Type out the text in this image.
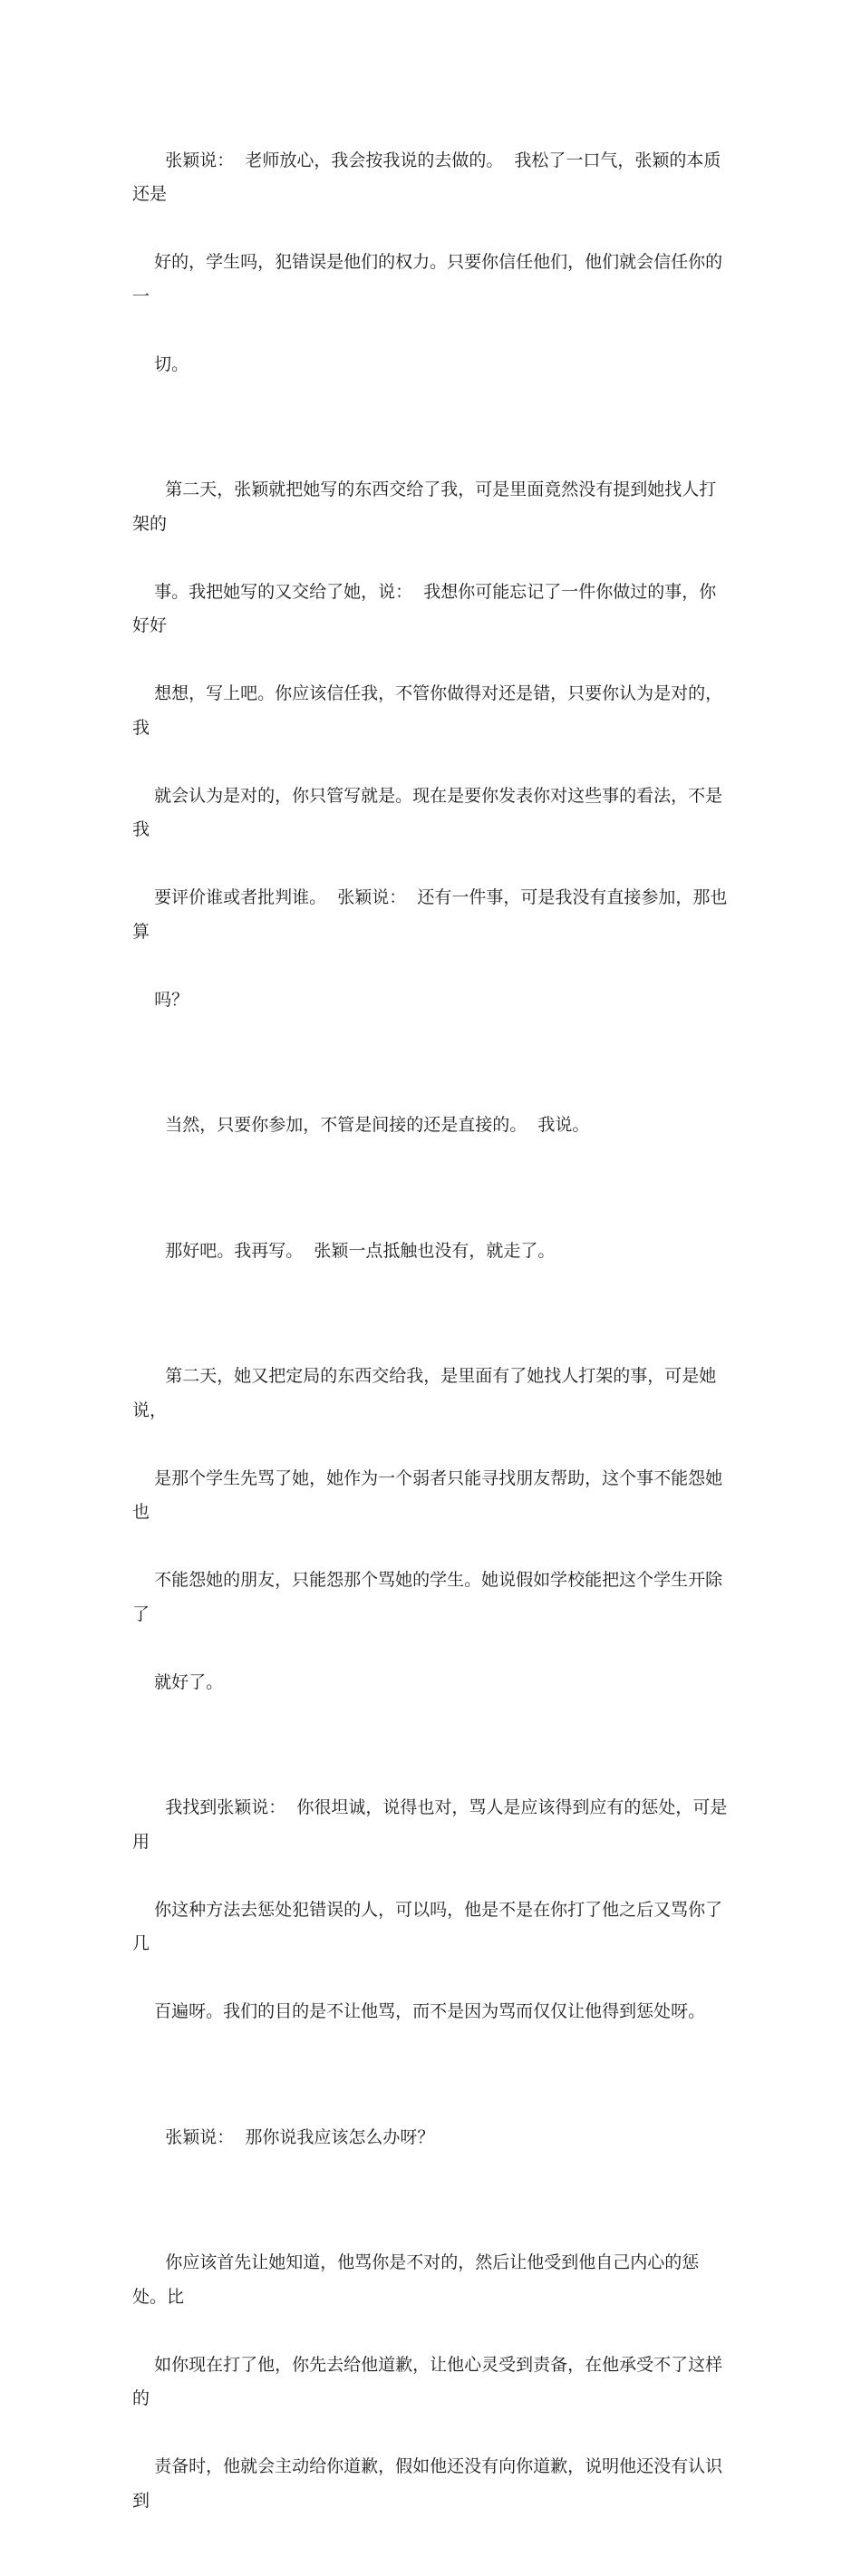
张颖说：  老师放心，我会按我说的去做的。  我松了一口气，张颖的本质还是

好的，学生吗，犯错误是他们的权力。只要你信任他们，他们就会信任你的一

切。

第二天，张颖就把她写的东西交给了我，可是里面竟然没有提到她找人打架的

事。我把她写的又交给了她，说：  我想你可能忘记了一件你做过的事，你好好

想想，写上吧。你应该信任我，不管你做得对还是错，只要你认为是对的，我

就会认为是对的，你只管写就是。现在是要你发表你对这些事的看法，不是我

要评价谁或者批判谁。  张颖说：  还有一件事，可是我没有直接参加，那也算

吗？

当然，只要你参加，不管是间接的还是直接的。  我说。

那好吧。我再写。  张颖一点抵触也没有，就走了。

第二天，她又把定局的东西交给我，是里面有了她找人打架的事，可是她说，

是那个学生先骂了她，她作为一个弱者只能寻找朋友帮助，这个事不能怨她也

不能怨她的朋友，只能怨那个骂她的学生。她说假如学校能把这个学生开除了

就好了。

我找到张颖说：  你很坦诚，说得也对，骂人是应该得到应有的惩处，可是用

你这种方法去惩处犯错误的人，可以吗，他是不是在你打了他之后又骂你了几

百遍呀。我们的目的是不让他骂，而不是因为骂而仅仅让他得到惩处呀。

张颖说：  那你说我应该怎么办呀？

你应该首先让她知道，他骂你是不对的，然后让他受到他自己内心的惩处。比

如你现在打了他，你先去给他道歉，让他心灵受到责备，在他承受不了这样的

责备时，他就会主动给你道歉，假如他还没有向你道歉，说明他还没有认识到
